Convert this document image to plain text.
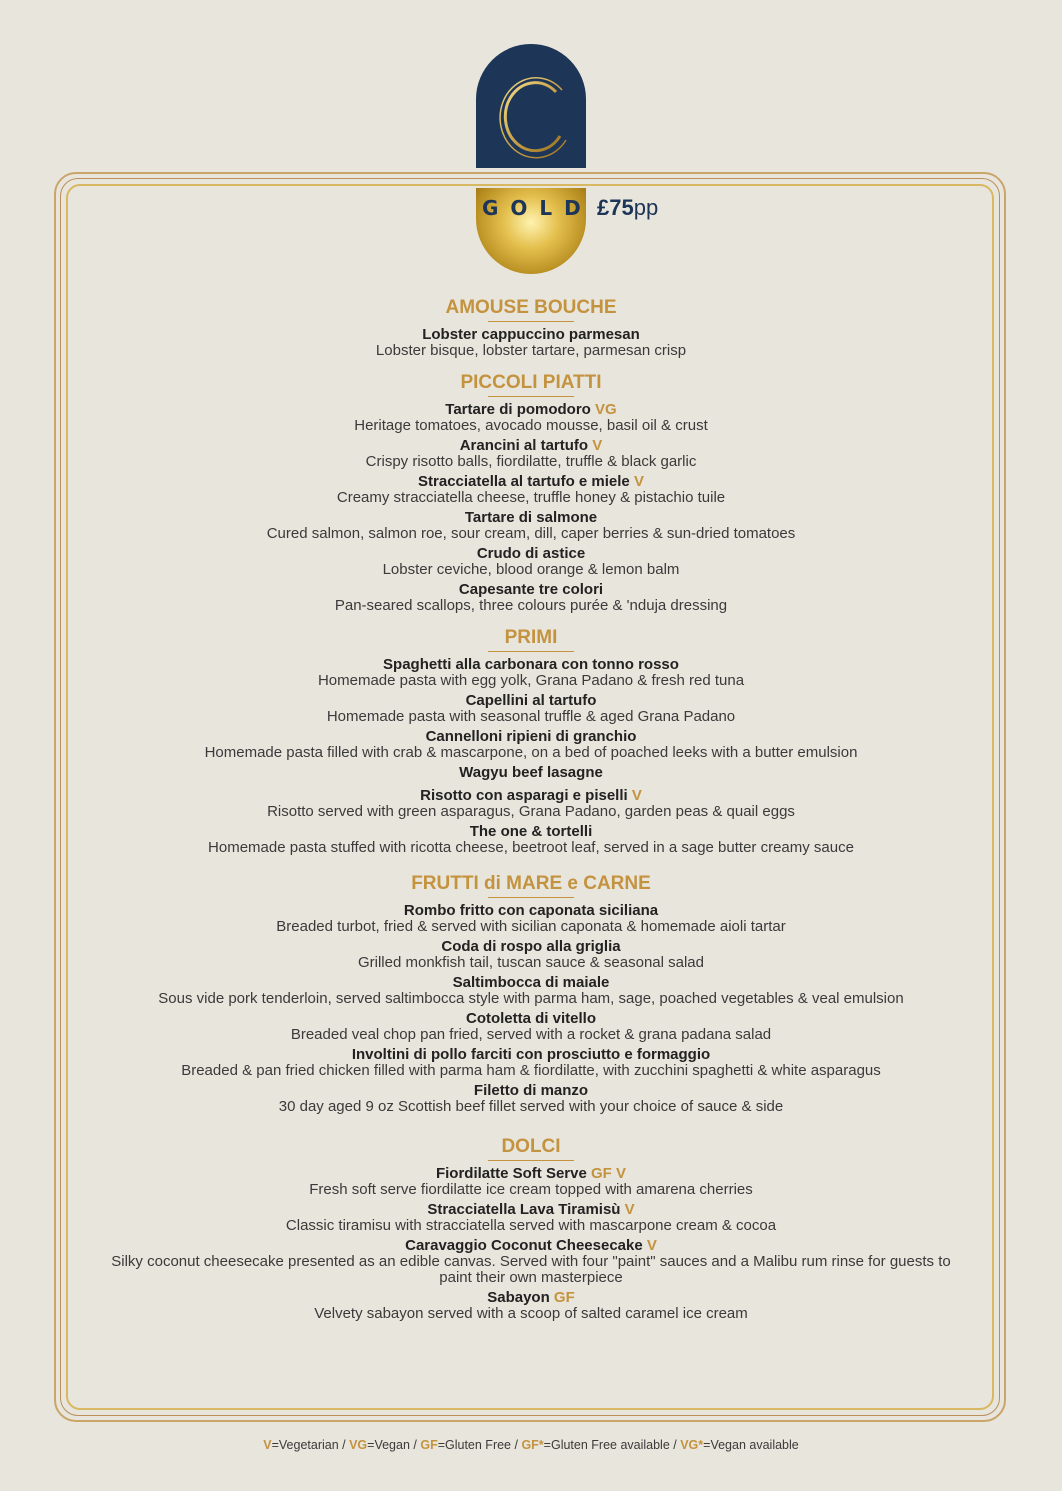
GOLD £75pp
AMOUSE BOUCHE

Lobster cappuccino parmesan

Lobster bisque, lobster tartare, parmesan crisp

PICCOLI PIATTI

Tartare di pomodoro VG

Heritage tomatoes, avocado mousse, basil oil & crust

Arancini al tartufo V

Crispy risotto balls, fiordilatte, truffle & black garlic

Stracciatella al tartufo e miele V

Creamy stracciatella cheese, truffle honey & pistachio tuile

Tartare di salmone

Cured salmon, salmon roe, sour cream, dill, caper berries & sun-dried tomatoes

Crudo di astice

Lobster ceviche, blood orange & lemon balm

Capesante tre colori

Pan-seared scallops, three colours purée & 'nduja dressing

PRIMI

Spaghetti alla carbonara con tonno rosso

Homemade pasta with egg yolk, Grana Padano & fresh red tuna

Capellini al tartufo

Homemade pasta with seasonal truffle & aged Grana Padano

Cannelloni ripieni di granchio

Homemade pasta filled with crab & mascarpone, on a bed of poached leeks with a butter emulsion

Wagyu beef lasagne

Risotto con asparagi e piselli V

Risotto served with green asparagus, Grana Padano, garden peas & quail eggs

The one & tortelli

Homemade pasta stuffed with ricotta cheese, beetroot leaf, served in a sage butter creamy sauce

FRUTTI di MARE e CARNE

Rombo fritto con caponata siciliana

Breaded turbot, fried & served with sicilian caponata & homemade aioli tartar

Coda di rospo alla griglia

Grilled monkfish tail, tuscan sauce & seasonal salad

Saltimbocca di maiale

Sous vide pork tenderloin, served saltimbocca style with parma ham, sage, poached vegetables & veal emulsion

Cotoletta di vitello

Breaded veal chop pan fried, served with a rocket & grana padana salad

Involtini di pollo farciti con prosciutto e formaggio

Breaded & pan fried chicken filled with parma ham & fiordilatte, with zucchini spaghetti & white asparagus

Filetto di manzo

30 day aged 9 oz Scottish beef fillet served with your choice of sauce & side

DOLCI

Fiordilatte Soft Serve GF V

Fresh soft serve fiordilatte ice cream topped with amarena cherries

Stracciatella Lava Tiramisù V

Classic tiramisu with stracciatella served with mascarpone cream & cocoa

Caravaggio Coconut Cheesecake V

Silky coconut cheesecake presented as an edible canvas. Served with four "paint" sauces and a Malibu rum rinse for guests to paint their own masterpiece

Sabayon GF

Velvety sabayon served with a scoop of salted caramel ice cream

V=Vegetarian / VG=Vegan / GF=Gluten Free / GF*=Gluten Free available / VG*=Vegan available
